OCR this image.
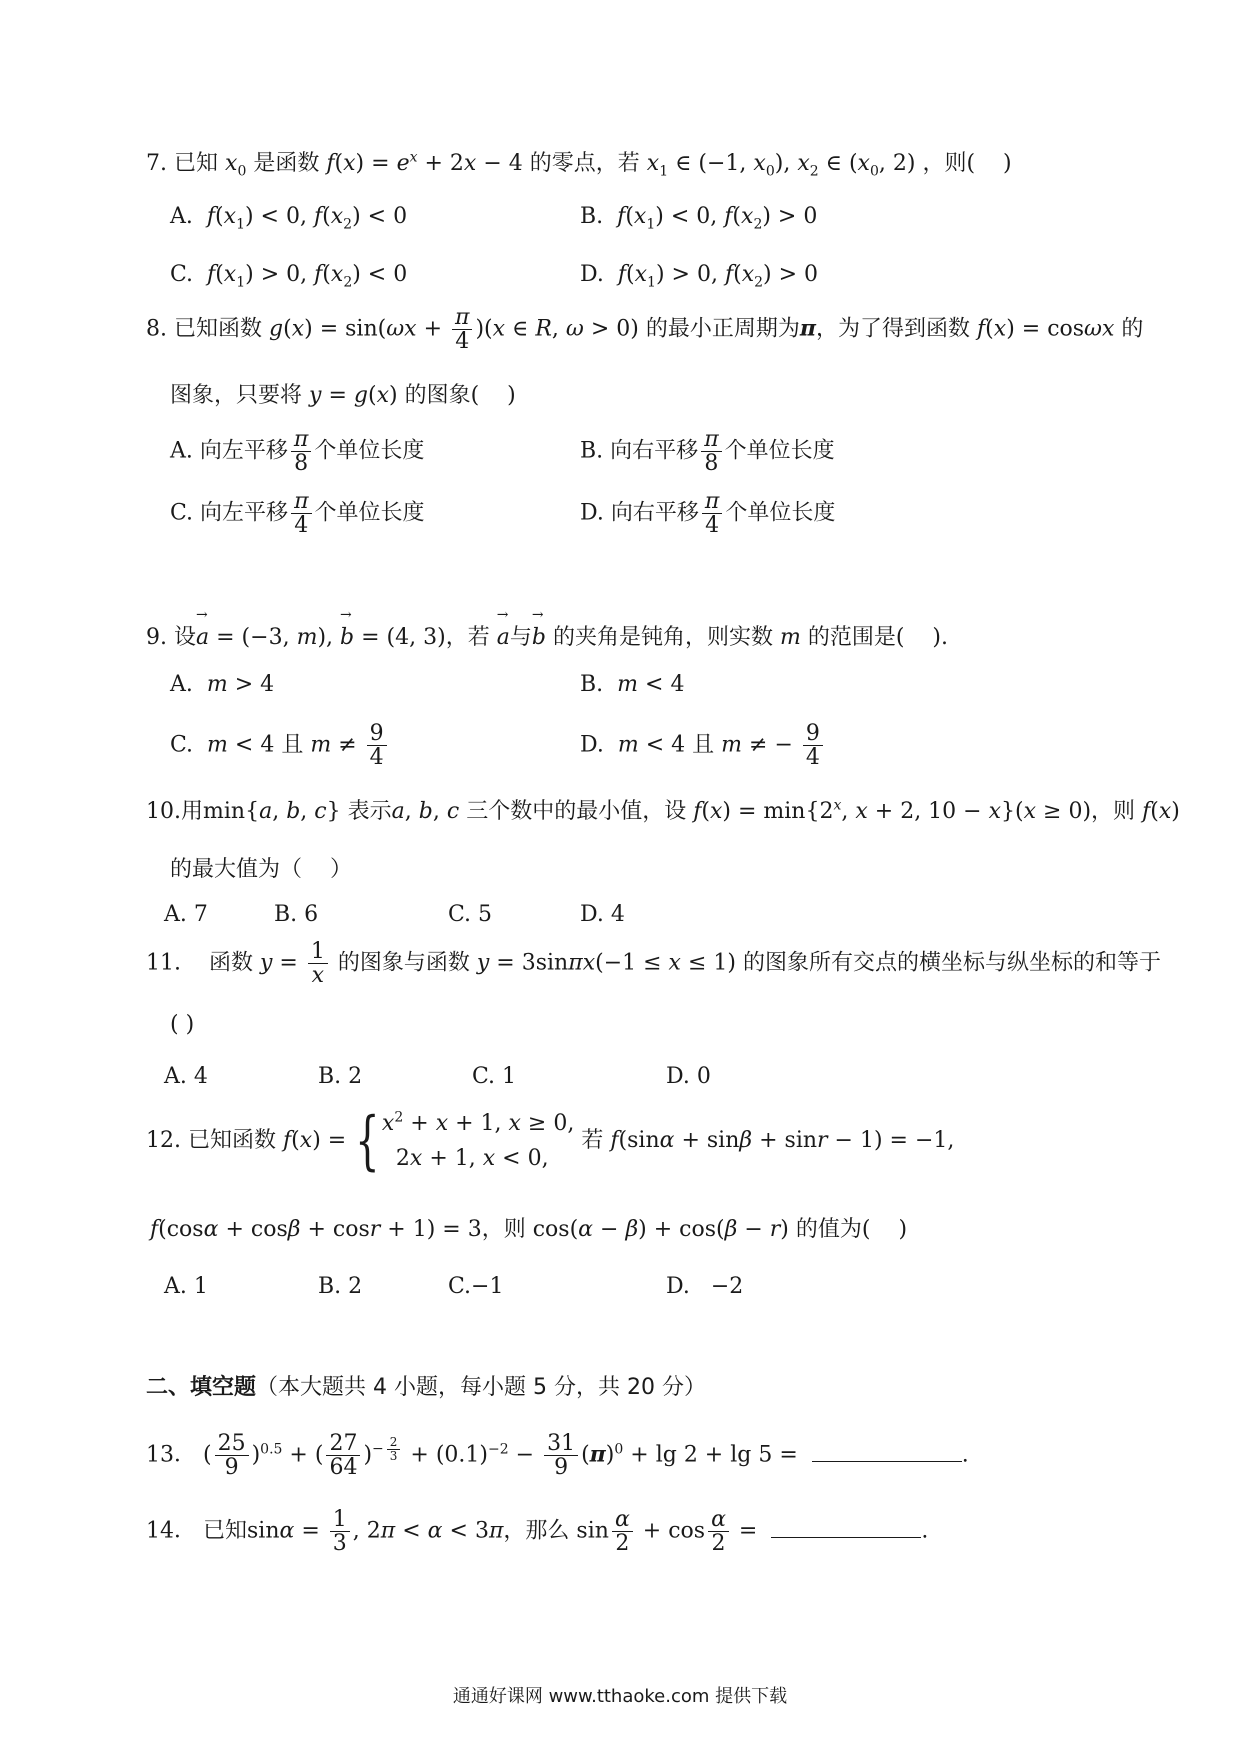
7. 已知 $x_0$ 是函数 $f(x) = e^x + 2x - 4$ 的零点，若 $x_1$ ∈ (−1, $x_0$), $x_2$ ∈ ($x_0$, 2) ，则( )
A. $f(x_1) < 0$, $f(x_2) < 0$	B. $f(x_1) < 0$, $f(x_2) > 0$
C. $f(x_1) > 0$, $f(x_2) < 0$	D. $f(x_1) > 0$, $f(x_2) > 0$
8. 已知函数 $g(x) = \sin(\omega x + \frac{\pi}{4} )(x$ ∈ R, ω > 0) 的最小正周期为π，为了得到函数 f(x) = cosωx 的
图象，只要将 y = g(x) 的图象( )
A. 向左平移 $\frac{\pi}{8}$ 个单位长度	B. 向右平移 $\frac{\pi}{8}$ 个单位长度
C. 向左平移 $\frac{\pi}{4}$ 个单位长度	D. 向右平移 $\frac{\pi}{4}$ 个单位长度
9. 设→ a = (−3, m), → b = (4, 3)，若 → a与→ b 的夹角是钝角，则实数 m 的范围是( ).
A. m > 4	B. m < 4
C. m < 4 且 $m \ne \frac{9}{4}$	D. m < 4 且 m ≠ − $\frac{9}{4}$
10.用min{a, b, c} 表示a, b, c 三个数中的最小值，设 $f(x) = \min\{2^x$, x + 2, 10 − x}(x ≥ 0)，则 f(x)
的最大值为（ ）
A. 7	B. 6	C. 5	D. 4
11. 函数 $y = \frac{1}{x}$ 的图象与函数 y = 3sinπx(−1 ≤ x ≤ 1) 的图象所有交点的横坐标与纵坐标的和等于
( )
A. 4	B. 2	C. 1	D. 0
12. 已知函数 $f(x) = \{x^2 + x + 1$, x ≥ 0,
2x + 1, x < 0, 若 f(sinα + sinβ + sinr − 1) = −1,
f(cosα + cosβ + cosr + 1) = 3，则 cos(α − β) + cos(β − r) 的值为( )
A. 1	B. 2	C.−1	D. −2
二、填空题（本大题共 4 小题，每小题 5 分，共 20 分）
13． ( $\frac{25}{9} )^{0.5}$ + ( $\frac{27}{64} )^{- \frac{2}{3}} + (0.1)^{-2} - \frac{31}{9} (\pi)^0 + \lg 2 + \lg 5$ =	.
14． 已知$\sin\alpha = \frac{1}{3}$ , 2π < α < 3π，那么 $\sin \frac{\alpha}{2} + \cos \frac{\alpha}{2}$ =	.
通通好课网 www.tthaoke.com 提供下载
